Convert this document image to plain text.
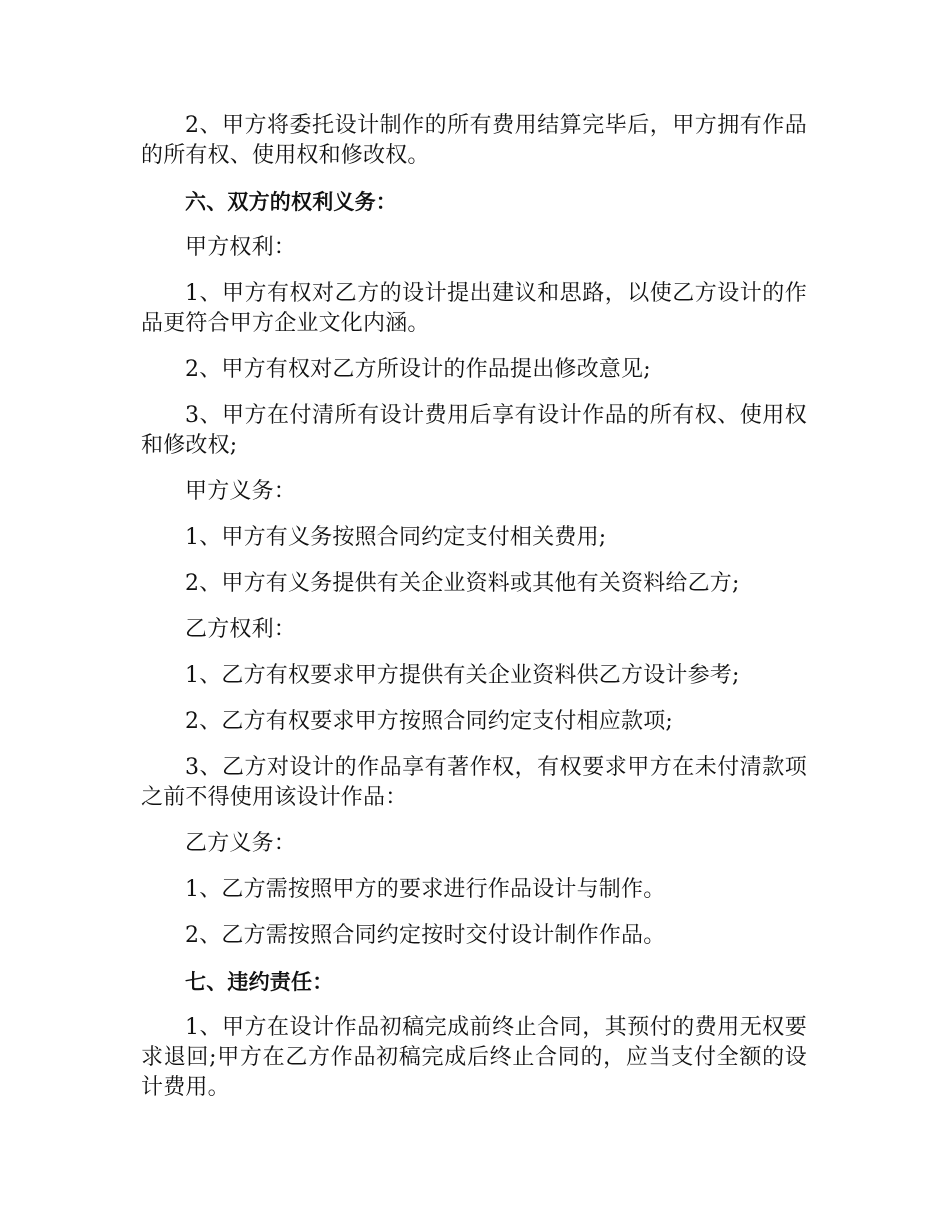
2、甲方将委托设计制作的所有费用结算完毕后，甲方拥有作品的所有权、使用权和修改权。

六、双方的权利义务：

甲方权利：

1、甲方有权对乙方的设计提出建议和思路，以使乙方设计的作品更符合甲方企业文化内涵。

2、甲方有权对乙方所设计的作品提出修改意见;

3、甲方在付清所有设计费用后享有设计作品的所有权、使用权和修改权;

甲方义务：

1、甲方有义务按照合同约定支付相关费用;

2、甲方有义务提供有关企业资料或其他有关资料给乙方;

乙方权利：

1、乙方有权要求甲方提供有关企业资料供乙方设计参考;

2、乙方有权要求甲方按照合同约定支付相应款项;

3、乙方对设计的作品享有著作权，有权要求甲方在未付清款项之前不得使用该设计作品：

乙方义务：

1、乙方需按照甲方的要求进行作品设计与制作。

2、乙方需按照合同约定按时交付设计制作作品。

七、违约责任：

1、甲方在设计作品初稿完成前终止合同，其预付的费用无权要求退回;甲方在乙方作品初稿完成后终止合同的，应当支付全额的设计费用。
